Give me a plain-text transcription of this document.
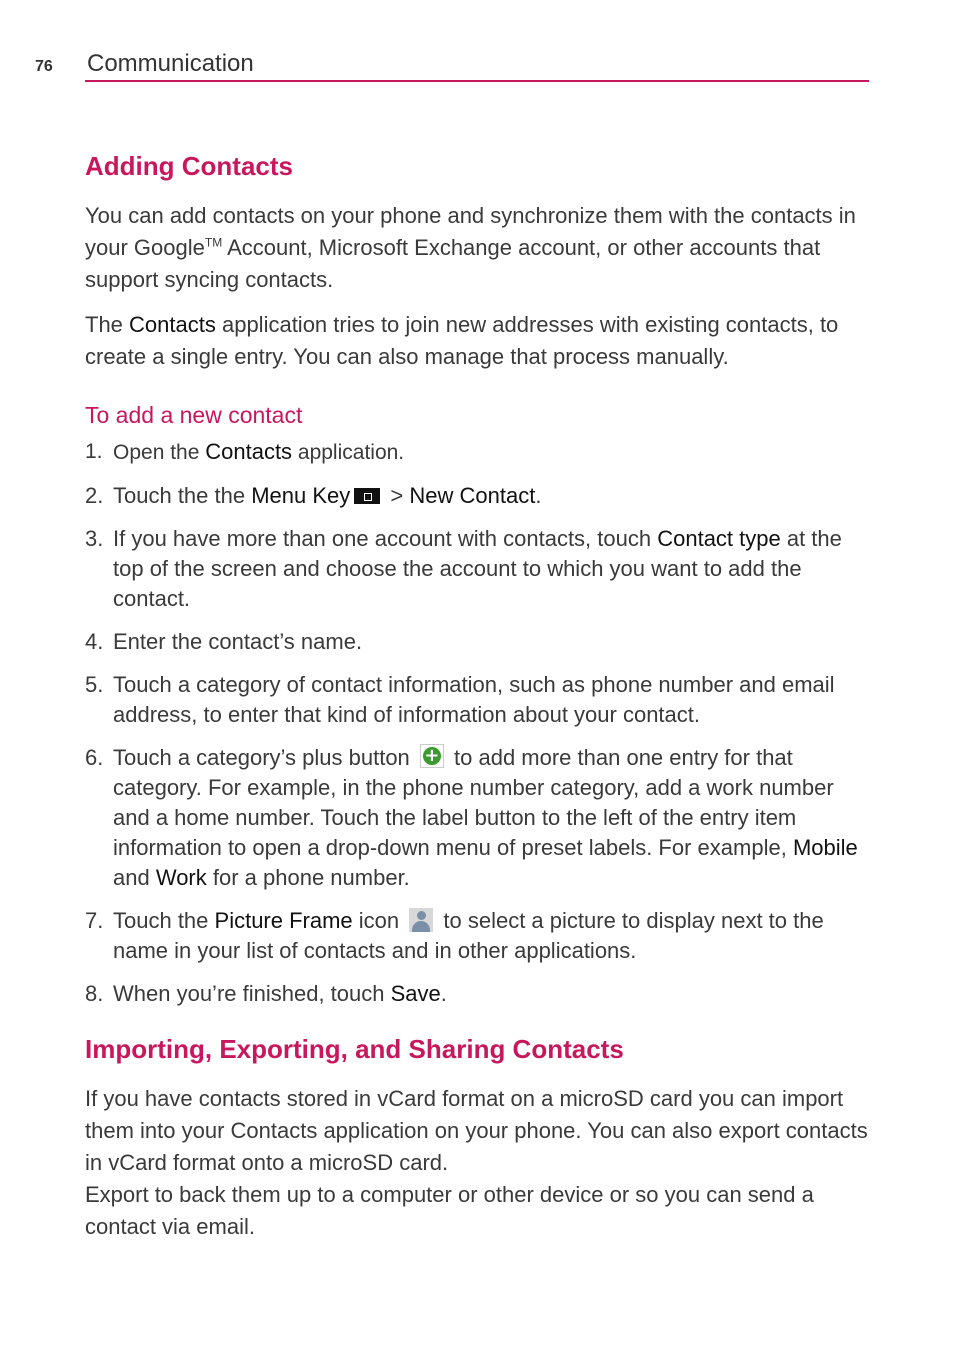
76 Communication
Adding Contacts

You can add contacts on your phone and synchronize them with the contacts in your Google™ Account, Microsoft Exchange account, or other accounts that support syncing contacts.

The Contacts application tries to join new addresses with existing contacts, to create a single entry. You can also manage that process manually.

To add a new contact
1. Open the Contacts application.
2. Touch the the Menu Key > New Contact.
3. If you have more than one account with contacts, touch Contact type at the top of the screen and choose the account to which you want to add the contact.
4. Enter the contact’s name.
5. Touch a category of contact information, such as phone number and email address, to enter that kind of information about your contact.
6. Touch a category’s plus button + to add more than one entry for that category. For example, in the phone number category, add a work number and a home number. Touch the label button to the left of the entry item information to open a drop-down menu of preset labels. For example, Mobile and Work for a phone number.
7. Touch the Picture Frame icon  to select a picture to display next to the name in your list of contacts and in other applications.
8. When you’re finished, touch Save.
Importing, Exporting, and Sharing Contacts

If you have contacts stored in vCard format on a microSD card you can import them into your Contacts application on your phone. You can also export contacts in vCard format onto a microSD card.

Export to back them up to a computer or other device or so you can send a contact via email.
